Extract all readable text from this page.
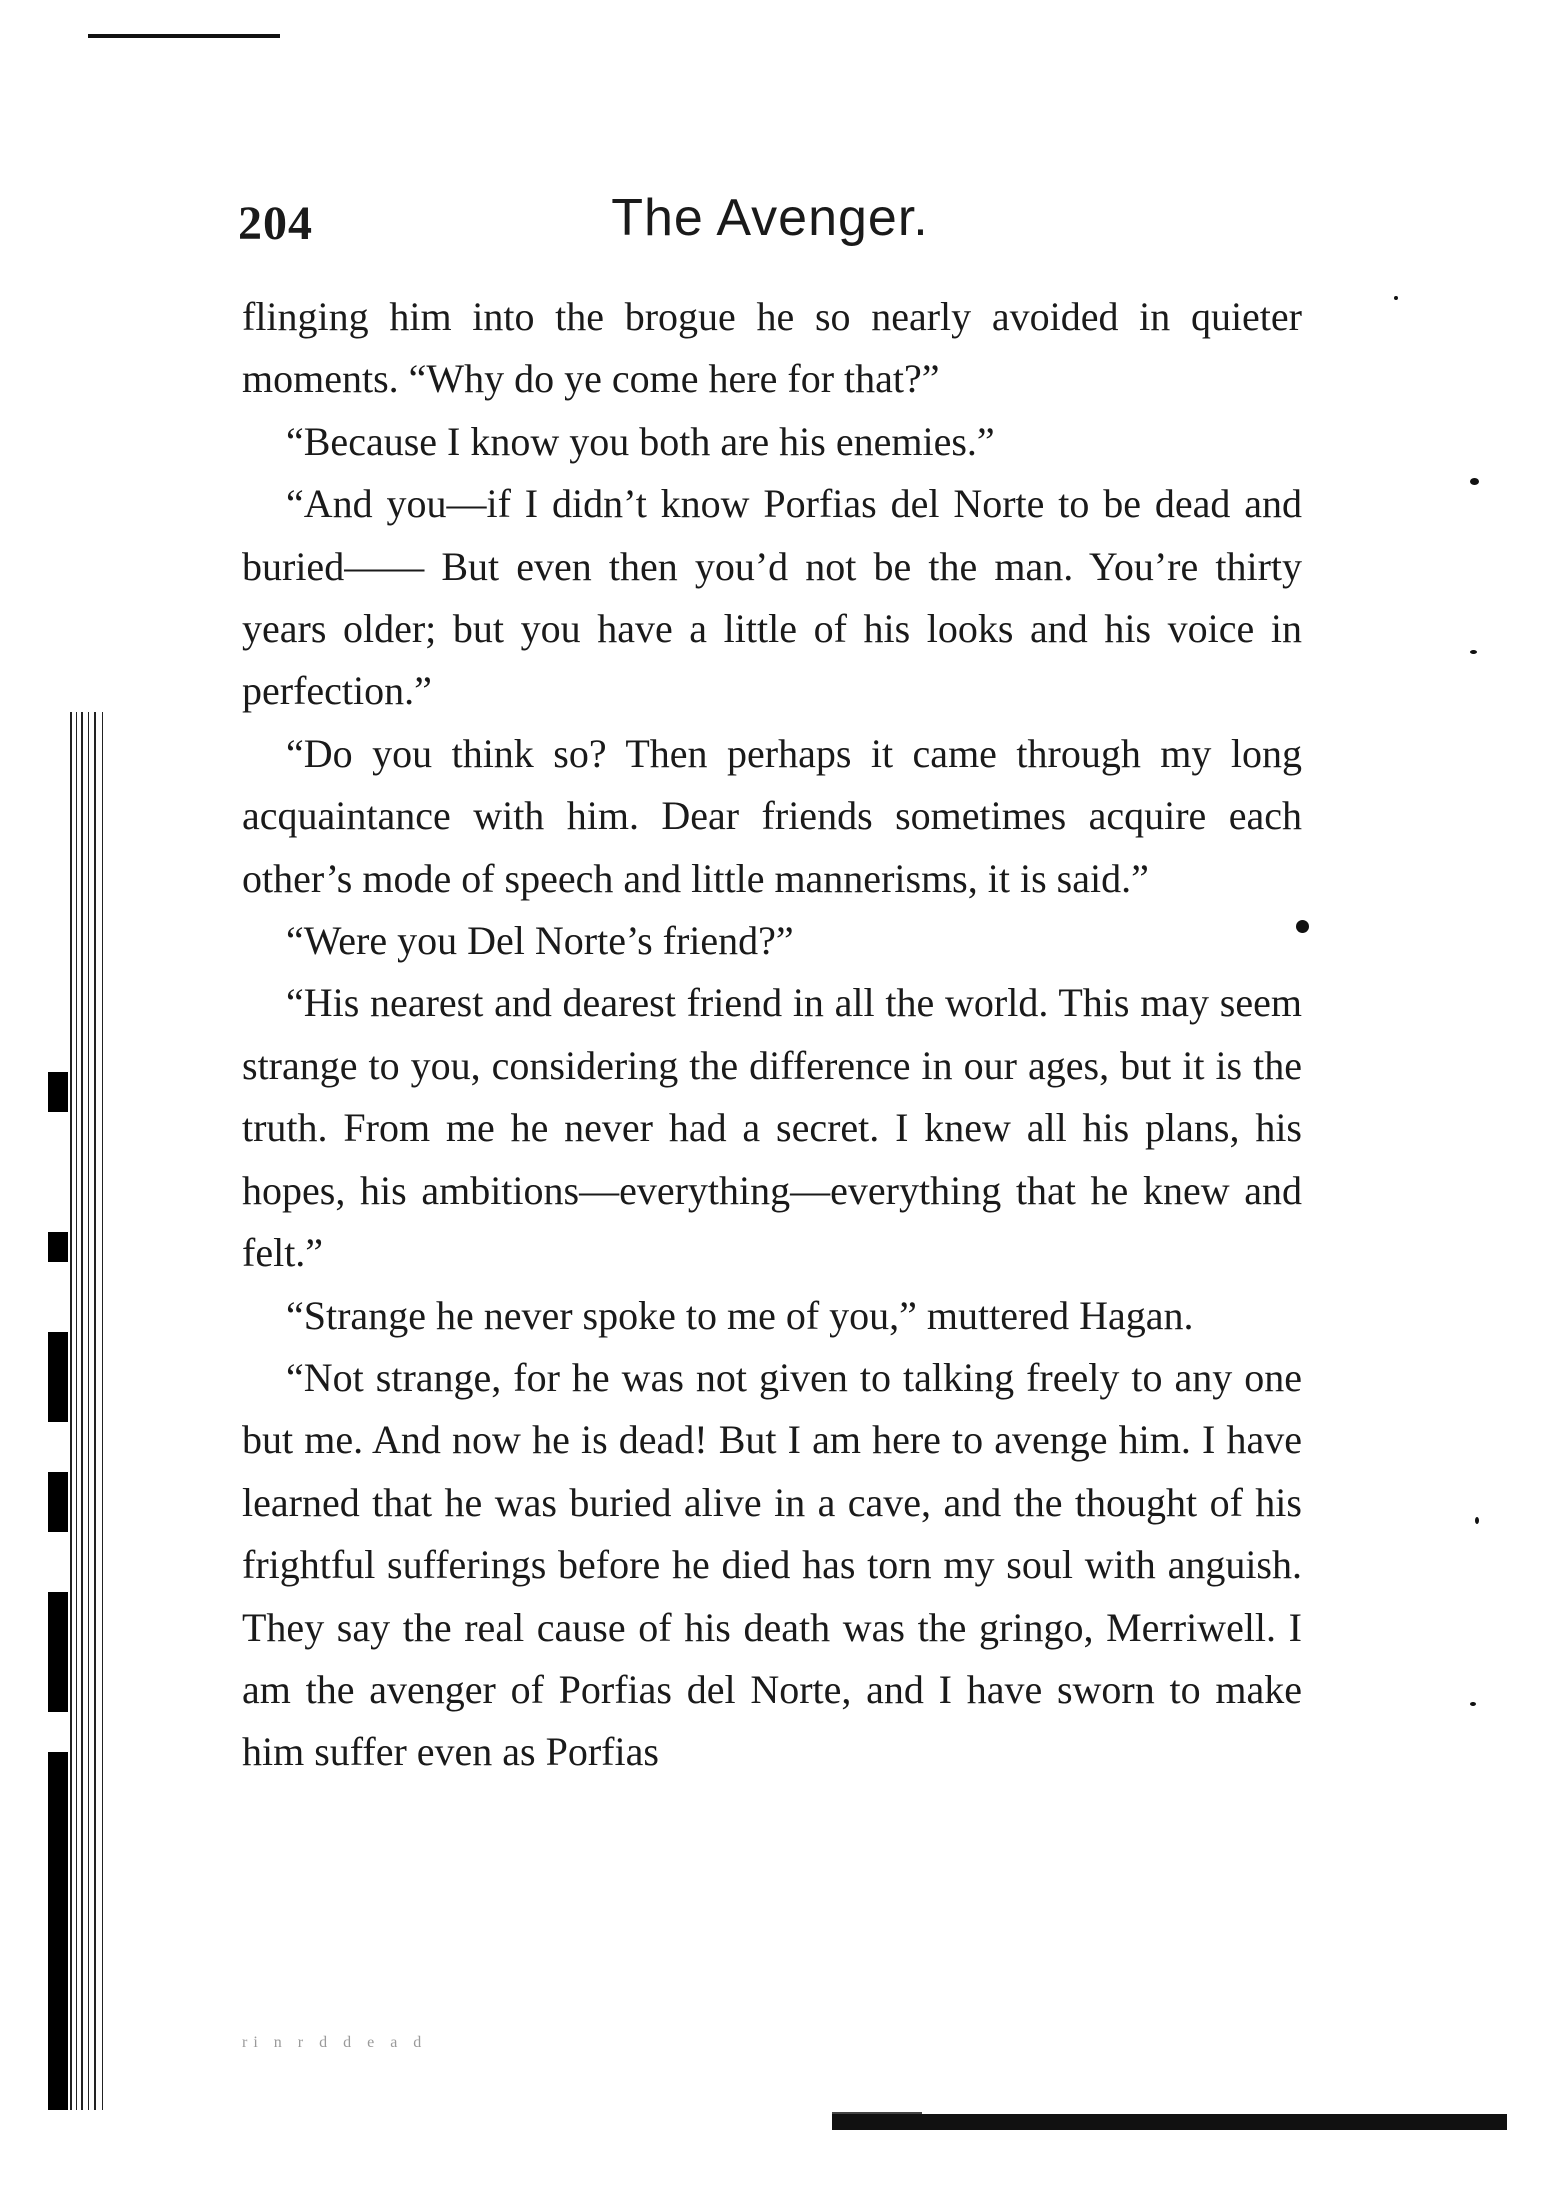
204	The Avenger.

flinging him into the brogue he so nearly avoided in quieter moments. “Why do ye come here for that?”

“Because I know you both are his enemies.”

“And you—if I didn’t know Porfias del Norte to be dead and buried—— But even then you’d not be the man. You’re thirty years older; but you have a little of his looks and his voice in perfection.”

“Do you think so? Then perhaps it came through my long acquaintance with him. Dear friends sometimes acquire each other’s mode of speech and little mannerisms, it is said.”

“Were you Del Norte’s friend?”

“His nearest and dearest friend in all the world. This may seem strange to you, considering the difference in our ages, but it is the truth. From me he never had a secret. I knew all his plans, his hopes, his ambitions—everything—everything that he knew and felt.”

“Strange he never spoke to me of you,” muttered Hagan.

“Not strange, for he was not given to talking freely to any one but me. And now he is dead! But I am here to avenge him. I have learned that he was buried alive in a cave, and the thought of his frightful sufferings before he died has torn my soul with anguish. They say the real cause of his death was the gringo, Merriwell. I am the avenger of Porfias del Norte, and I have sworn to make him suffer even as Porfias

ri n r d d e a d
